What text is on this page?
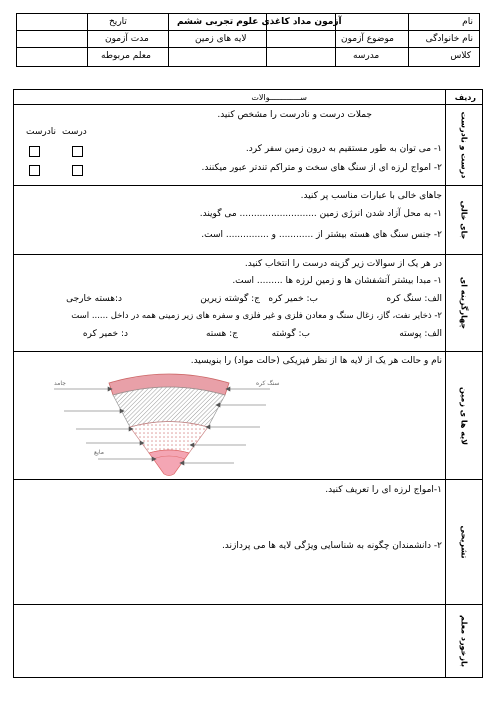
نام
آزمون مداد کاغذی علوم تجربی ششم
تاریخ
نام خانوادگی
موضوع آزمون
لایه های زمین
مدت آزمون
کلاس
مدرسه
معلم مربوطه
ردیف
ســـــــــــــوالات
درست و نادرست
جملات درست و نادرست را مشخص کنید.
درست
نادرست
۱- می توان به طور مستقیم به درون زمین سفر کرد.
۲- امواج لرزه ای از سنگ های سخت و متراکم تندتر عبور میکنند.
جای خالی
جاهای خالی با عبارات مناسب پر کنید.
۱- به محل آزاد شدن انرژی زمین ........................... می گویند.
۲- جنس سنگ های هسته بیشتر از ............ و ............... است.
چهارگزینه ای
در هر یک از سوالات زیر گزینه درست را انتخاب کنید.
۱- مبدا بیشتر آتشفشان ها و زمین لرزه ها ......... است.
الف: سنگ کره
ب: خمیر کره
ج: گوشته زیرین
د:هسته خارجی
۲- ذخایر نفت، گاز، زغال سنگ و معادن فلزی و غیر فلزی و سفره های زیر زمینی همه در داخل ...... است
الف: پوسته
ب: گوشته
ج: هسته
د: خمیر کره
لایه ها ی زمین
نام و حالت هر یک از لایه ها از نظر فیزیکی (حالت مواد) را بنویسید.
جامد	سنگ کره
مایع
تشریحی
۱-امواج لرزه ای را تعریف کنید.
۲- دانشمندان چگونه به شناسایی ویژگی لایه ها می پردازند.
بازخورد معلم
